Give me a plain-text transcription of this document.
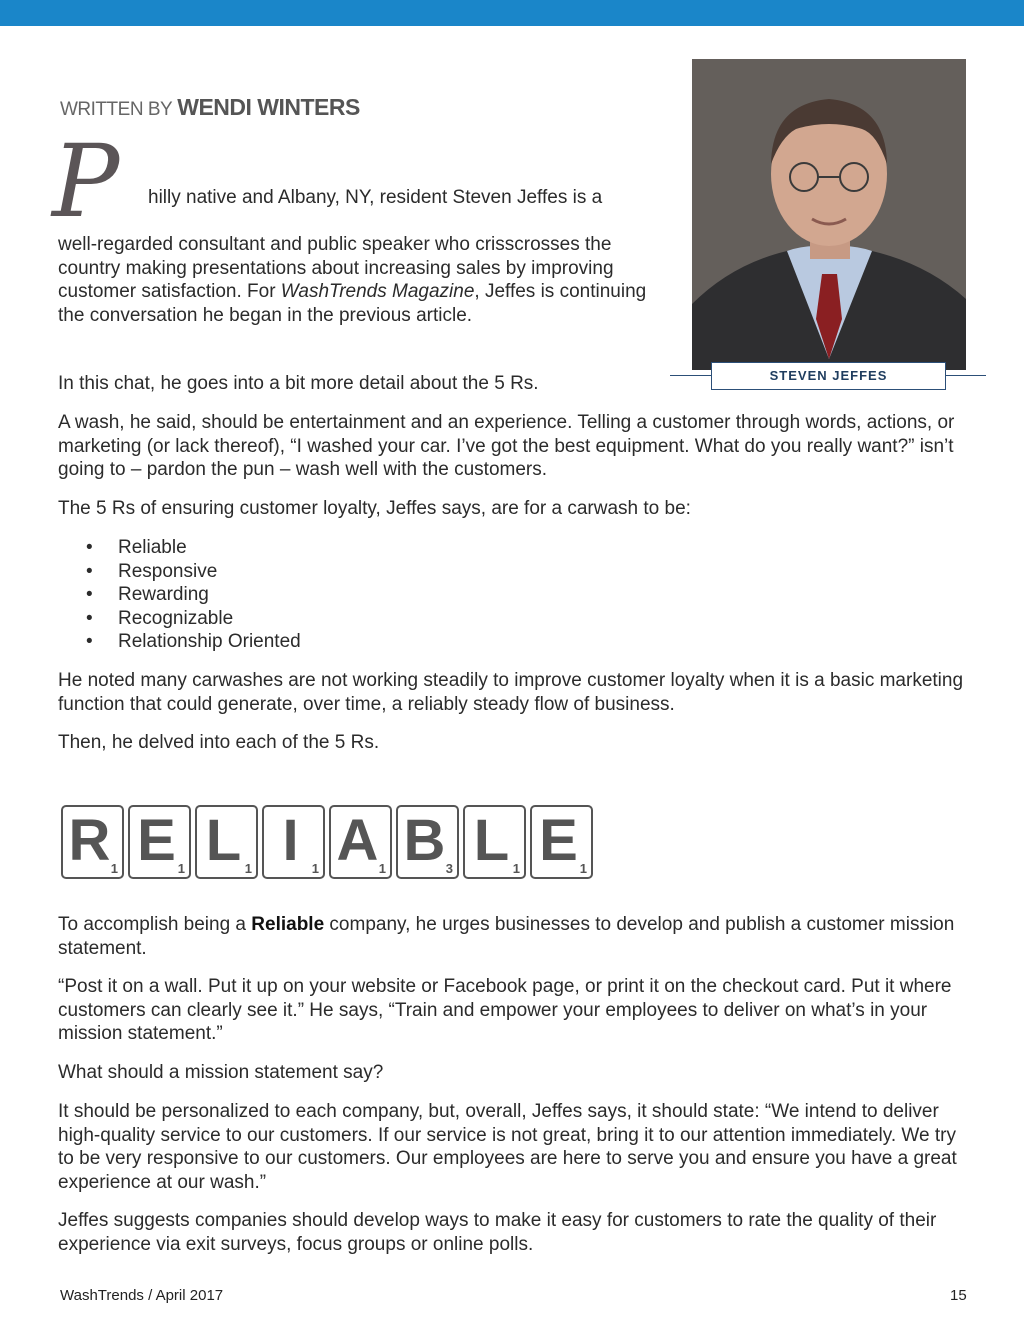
WRITTEN BY WENDI WINTERS
P	hilly native and Albany, NY, resident Steven Jeffes is a

well-regarded consultant and public speaker who crisscrosses the country making presentations about increasing sales by improving customer satisfaction. For WashTrends Magazine, Jeffes is continuing the conversation he began in the previous article.

In this chat, he goes into a bit more detail about the 5 Rs.	STEVEN JEFFES

A wash, he said, should be entertainment and an experience. Telling a customer through words, actions, or marketing (or lack thereof), “I washed your car. I’ve got the best equipment. What do you really want?” isn’t going to – pardon the pun – wash well with the customers.

The 5 Rs of ensuring customer loyalty, Jeffes says, are for a carwash to be:

• Reliable
• Responsive
• Rewarding
• Recognizable
• Relationship Oriented

He noted many carwashes are not working steadily to improve customer loyalty when it is a basic marketing function that could generate, over time, a reliably steady flow of business.

Then, he delved into each of the 5 Rs.

R 1 E 1 L 1 I	1 A 1 B 3 L 1 E 1

To accomplish being a Reliable company, he urges businesses to develop and publish a customer mission statement.

“Post it on a wall. Put it up on your website or Facebook page, or print it on the checkout card. Put it where customers can clearly see it.” He says, “Train and empower your employees to deliver on what’s in your mission statement.”

What should a mission statement say?

It should be personalized to each company, but, overall, Jeffes says, it should state: “We intend to deliver high-quality service to our customers. If our service is not great, bring it to our attention immediately. We try to be very responsive to our customers. Our employees are here to serve you and ensure you have a great experience at our wash.”

Jeffes suggests companies should develop ways to make it easy for customers to rate the quality of their experience via exit surveys, focus groups or online polls.

WashTrends / April 2017	15
